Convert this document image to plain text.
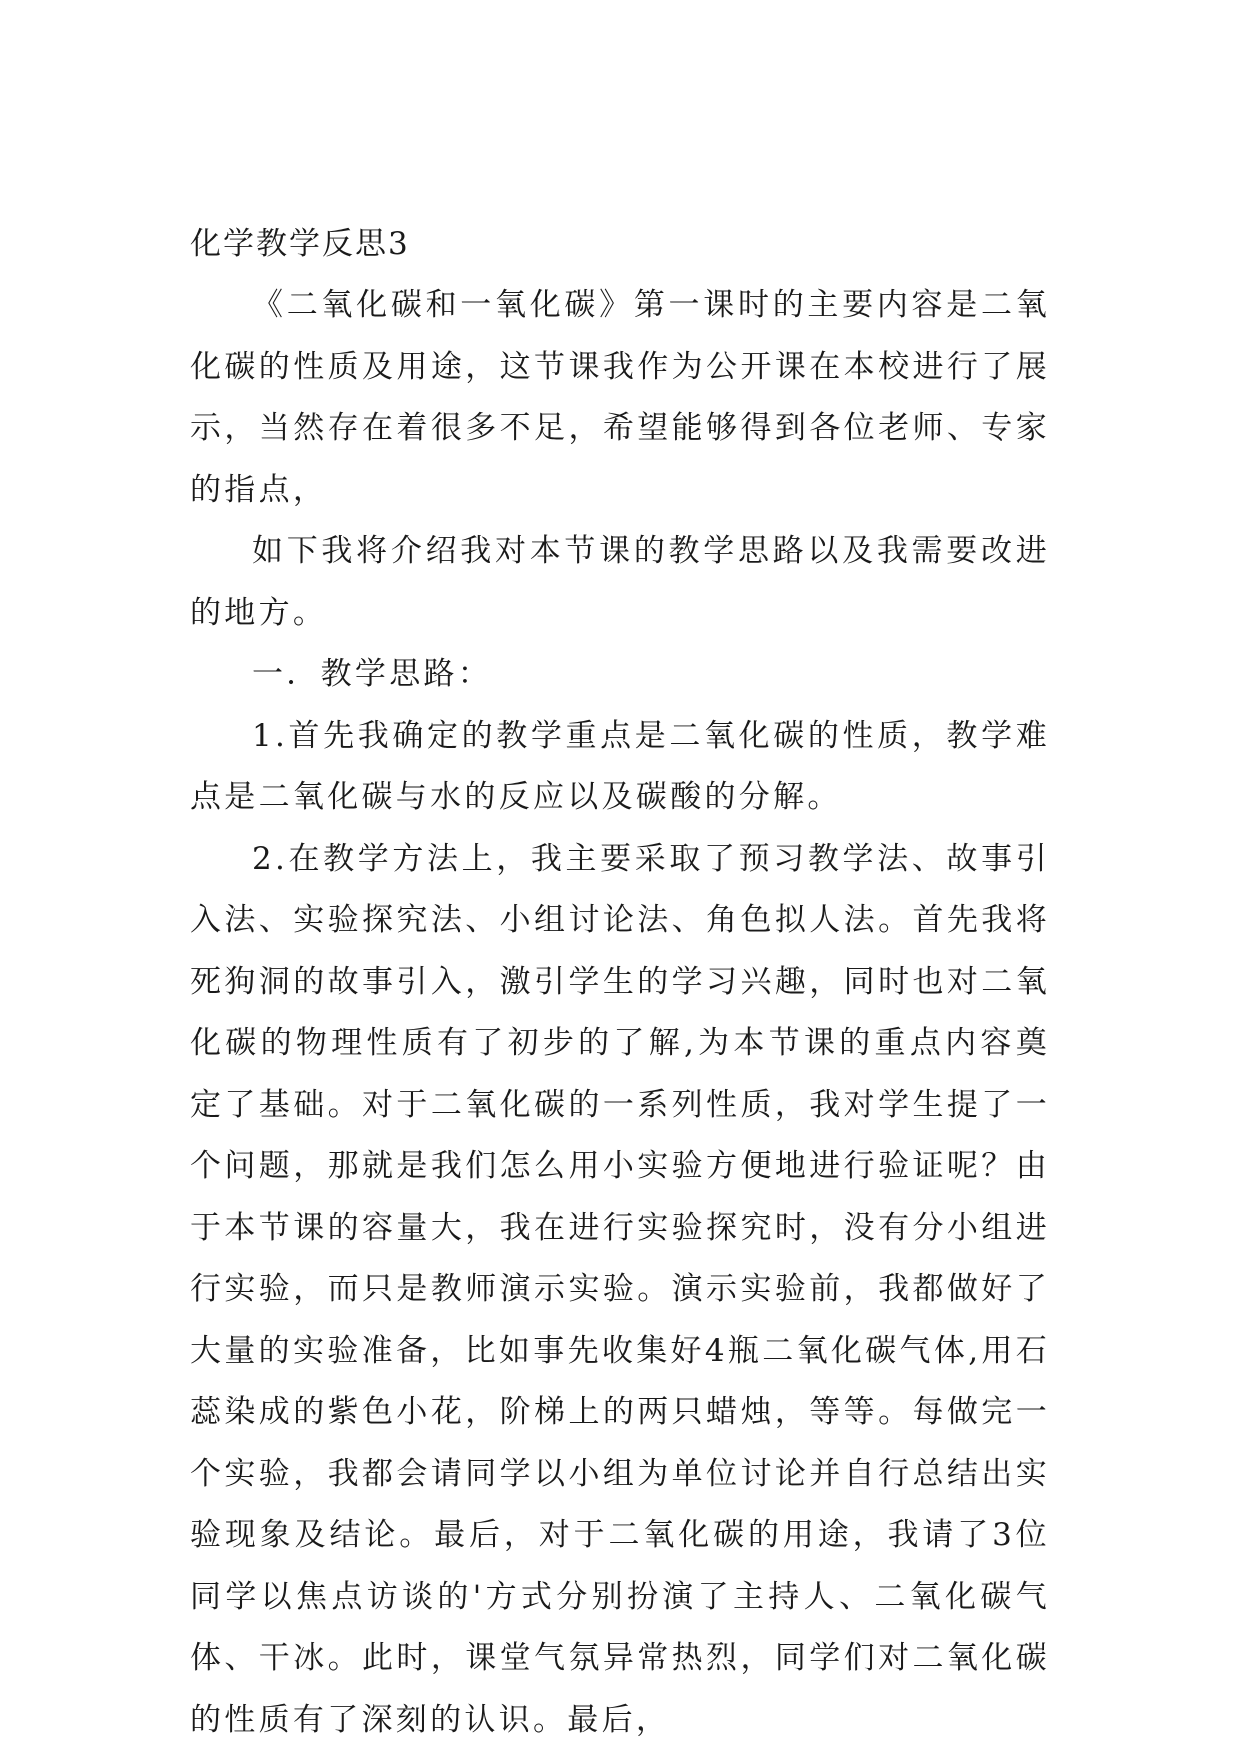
化学教学反思3

《二氧化碳和一氧化碳》第一课时的主要内容是二氧化碳的性质及用途，这节课我作为公开课在本校进行了展示，当然存在着很多不足，希望能够得到各位老师、专家的指点，

如下我将介绍我对本节课的教学思路以及我需要改进的地方。

一．教学思路：

1.首先我确定的教学重点是二氧化碳的性质，教学难点是二氧化碳与水的反应以及碳酸的分解。

2.在教学方法上，我主要采取了预习教学法、故事引入法、实验探究法、小组讨论法、角色拟人法。首先我将死狗洞的故事引入，激引学生的学习兴趣，同时也对二氧化碳的物理性质有了初步的了解,为本节课的重点内容奠定了基础。对于二氧化碳的一系列性质，我对学生提了一个问题，那就是我们怎么用小实验方便地进行验证呢？由于本节课的容量大，我在进行实验探究时，没有分小组进行实验，而只是教师演示实验。演示实验前，我都做好了大量的实验准备，比如事先收集好4瓶二氧化碳气体,用石蕊染成的紫色小花，阶梯上的两只蜡烛，等等。每做完一个实验，我都会请同学以小组为单位讨论并自行总结出实验现象及结论。最后，对于二氧化碳的用途，我请了3位同学以焦点访谈的'方式分别扮演了主持人、二氧化碳气体、干冰。此时，课堂气氛异常热烈，同学们对二氧化碳的性质有了深刻的认识。最后，
